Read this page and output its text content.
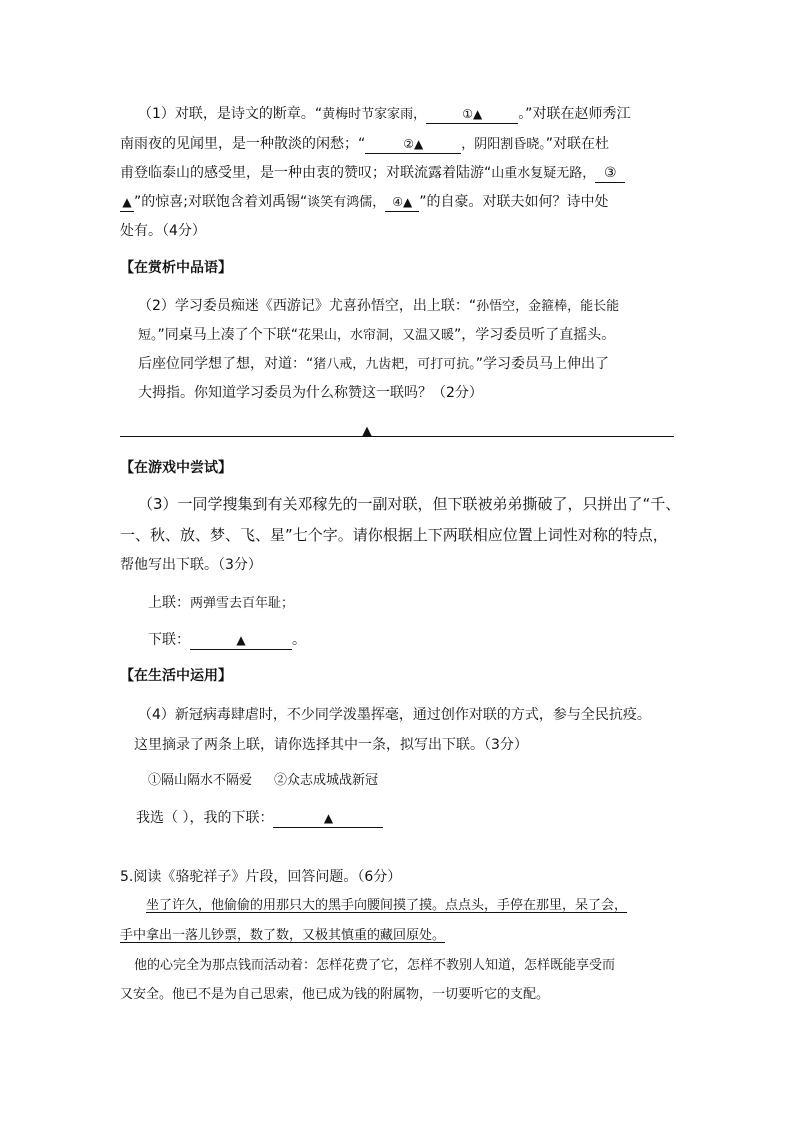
（1）对联，是诗文的断章。“黄梅时节家家雨，	①▲	。”对联在赵师秀江
南雨夜的见闻里，是一种散淡的闲愁；“	②▲	，阴阳割昏晓。”对联在杜
甫登临泰山的感受里，是一种由衷的赞叹；对联流露着陆游“山重水复疑无路， ③
▲ ”的惊喜;对联饱含着刘禹锡“谈笑有鸿儒， ④▲ ”的自豪。对联夫如何？诗中处
处有。（4分）
【在赏析中品语】
（2）学习委员痴迷《西游记》尤喜孙悟空，出上联：“孙悟空，金箍棒，能长能
短。”同桌马上凑了个下联“花果山，水帘洞，又温又暖”，学习委员听了直摇头。
后座位同学想了想，对道：“猪八戒，九齿耙，可打可抗。”学习委员马上伸出了
大拇指。你知道学习委员为什么称赞这一联吗？（2分）
▲
【在游戏中尝试】
（3）一同学搜集到有关邓稼先的一副对联，但下联被弟弟撕破了，只拼出了“千、
一、秋、放、梦、飞、星”七个字。请你根据上下两联相应位置上词性对称的特点，
帮他写出下联。（3分）
上联：两弹雪去百年耻；
下联：	▲	。
【在生活中运用】
（4）新冠病毒肆虐时，不少同学泼墨挥毫，通过创作对联的方式，参与全民抗疫。
这里摘录了两条上联，请你选择其中一条，拟写出下联。（3分）
①隔山隔水不隔爱 ②众志成城战新冠
我选（ ），我的下联：	▲
5.阅读《骆驼祥子》片段，回答问题。（6分）
坐了许久，他偷偷的用那只大的黑手向腰间摸了摸。点点头，手停在那里，呆了会，
手中拿出一落儿钞票，数了数，又极其慎重的藏回原处。
他的心完全为那点钱而活动着：怎样花费了它，怎样不教别人知道，怎样既能享受而
又安全。他已不是为自己思索，他已成为钱的附属物，一切要听它的支配。
